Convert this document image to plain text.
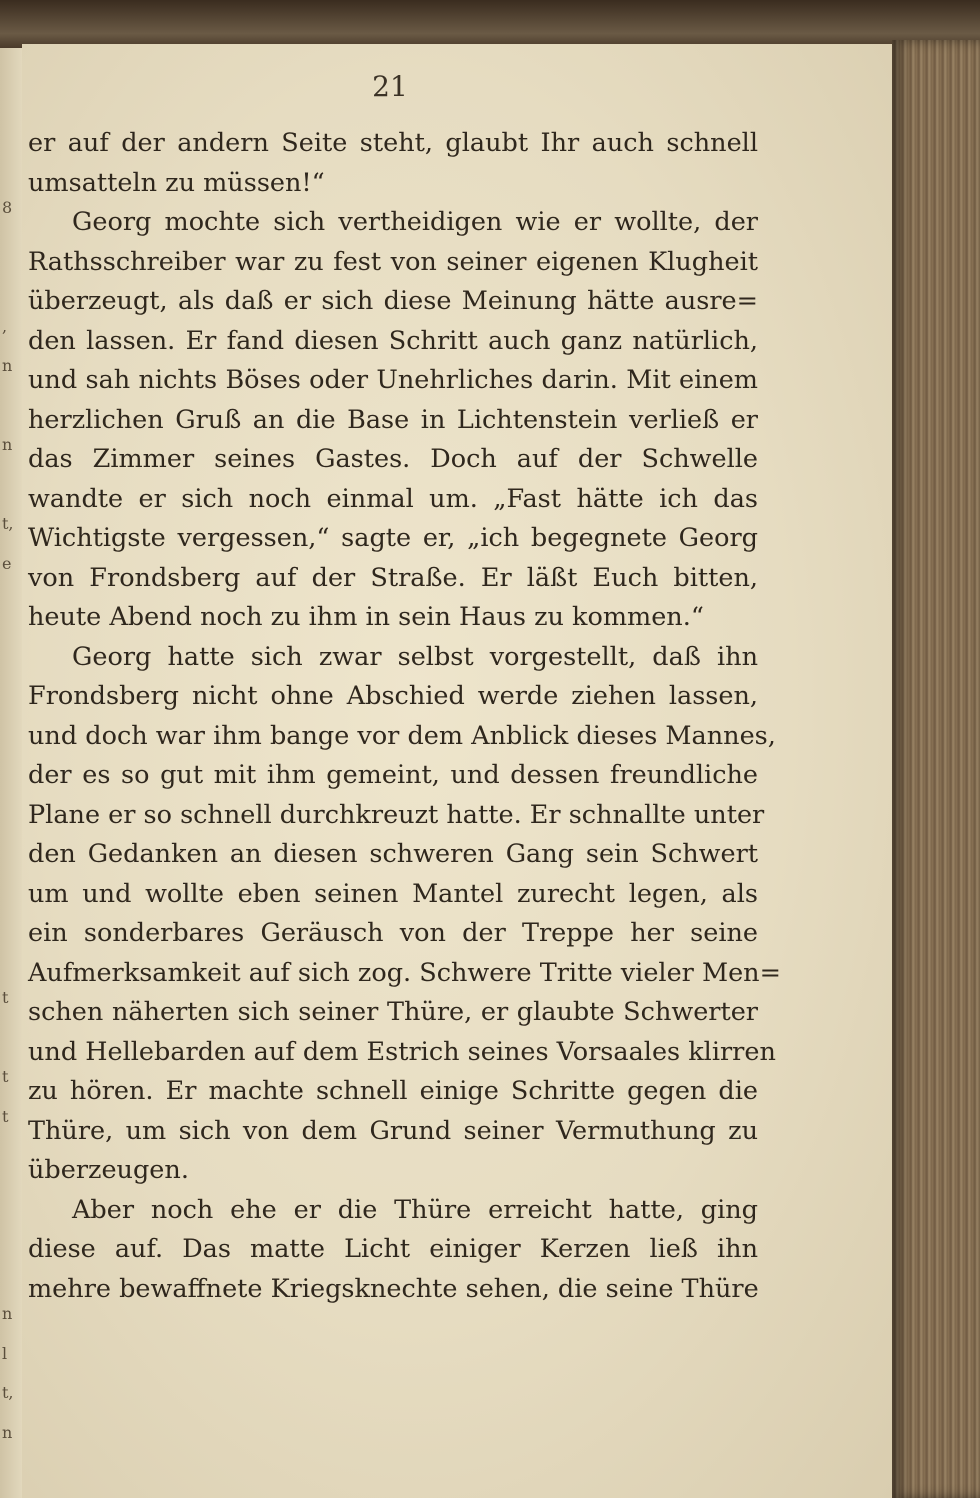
8

,
n

n

t,
e

t

t
t

n
l
t,
n
21
er auf der andern Seite steht, glaubt Ihr auch schnell
umsatteln zu müssen!“
Georg mochte sich vertheidigen wie er wollte, der
Rathsschreiber war zu fest von seiner eigenen Klugheit
überzeugt, als daß er sich diese Meinung hätte ausre=
den lassen. Er fand diesen Schritt auch ganz natürlich,
und sah nichts Böses oder Unehrliches darin. Mit einem
herzlichen Gruß an die Base in Lichtenstein verließ er
das Zimmer seines Gastes. Doch auf der Schwelle
wandte er sich noch einmal um. „Fast hätte ich das
Wichtigste vergessen,“ sagte er, „ich begegnete Georg
von Frondsberg auf der Straße. Er läßt Euch bitten,
heute Abend noch zu ihm in sein Haus zu kommen.“
Georg hatte sich zwar selbst vorgestellt, daß ihn
Frondsberg nicht ohne Abschied werde ziehen lassen,
und doch war ihm bange vor dem Anblick dieses Mannes,
der es so gut mit ihm gemeint, und dessen freundliche
Plane er so schnell durchkreuzt hatte. Er schnallte unter
den Gedanken an diesen schweren Gang sein Schwert
um und wollte eben seinen Mantel zurecht legen, als
ein sonderbares Geräusch von der Treppe her seine
Aufmerksamkeit auf sich zog. Schwere Tritte vieler Men=
schen näherten sich seiner Thüre, er glaubte Schwerter
und Hellebarden auf dem Estrich seines Vorsaales klirren
zu hören. Er machte schnell einige Schritte gegen die
Thüre, um sich von dem Grund seiner Vermuthung zu
überzeugen.
Aber noch ehe er die Thüre erreicht hatte, ging
diese auf. Das matte Licht einiger Kerzen ließ ihn
mehre bewaffnete Kriegsknechte sehen, die seine Thüre
